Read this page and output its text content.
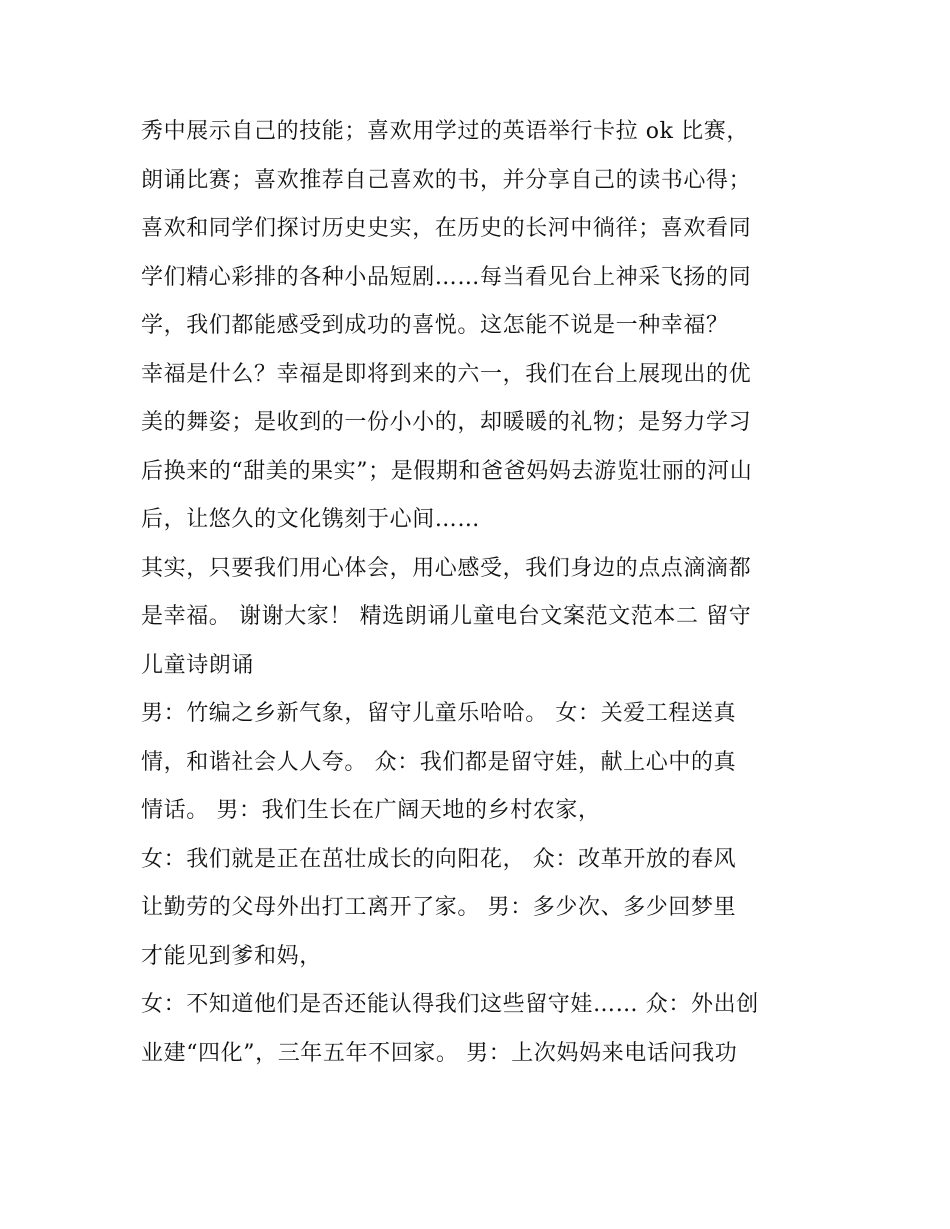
秀中展示自己的技能；喜欢用学过的英语举行卡拉 ok 比赛，
朗诵比赛；喜欢推荐自己喜欢的书，并分享自己的读书心得；
喜欢和同学们探讨历史史实，在历史的长河中徜徉；喜欢看同
学们精心彩排的各种小品短剧……每当看见台上神采飞扬的同
学，我们都能感受到成功的喜悦。这怎能不说是一种幸福？
幸福是什么？幸福是即将到来的六一，我们在台上展现出的优
美的舞姿；是收到的一份小小的，却暖暖的礼物；是努力学习
后换来的“甜美的果实”；是假期和爸爸妈妈去游览壮丽的河山
后，让悠久的文化镌刻于心间……
其实，只要我们用心体会，用心感受，我们身边的点点滴滴都
是幸福。 谢谢大家！ 精选朗诵儿童电台文案范文范本二 留守
儿童诗朗诵
男：竹编之乡新气象，留守儿童乐哈哈。 女：关爱工程送真
情，和谐社会人人夸。 众：我们都是留守娃，献上心中的真
情话。 男：我们生长在广阔天地的乡村农家，
女：我们就是正在茁壮成长的向阳花， 众：改革开放的春风
让勤劳的父母外出打工离开了家。 男：多少次、多少回梦里
才能见到爹和妈，
女：不知道他们是否还能认得我们这些留守娃…… 众：外出创
业建“四化”，三年五年不回家。 男：上次妈妈来电话问我功
